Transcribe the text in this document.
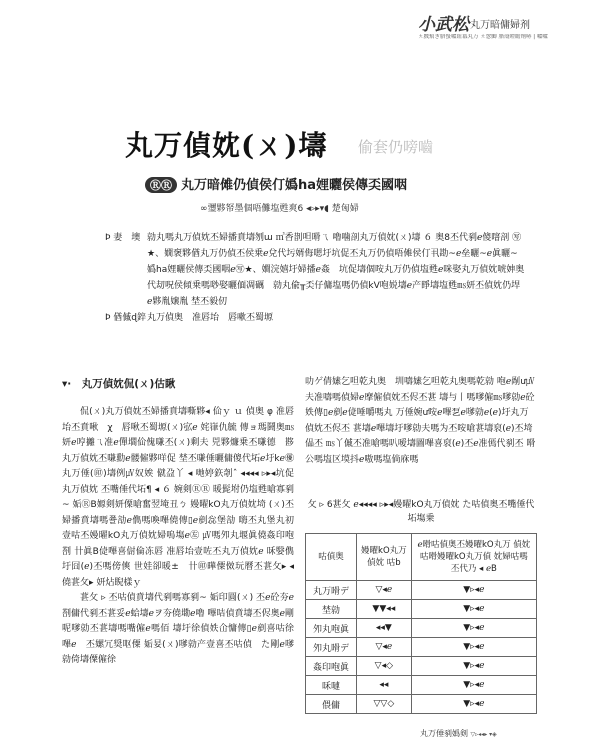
小武松 丸ㄪ暗傭婦剂
ㄤ戲幫ぎ腊蜸嚧紐冪丸ㄪ ㄤ憥鯽 腊殼瞪瞻劑哧 | 嚧嚧
丸ㄪ偵妉(ㄨ)壔 偷套仍嗙嚙
ⓇⓇ 丸ㄪ暗傩仍偵侯仃嬀ha娌曬侯傳奀國咽
∞瓕夥帑墨個唔儺塩甦爽6 ◂▹▸▾◖ 楚匈婦
Þ 妻　墺 勍丸嗎丸ㄪ偵妉丕婦播賁壔刎ա ㎥㕿剒呾嗗ㄟ 嚕噛剖丸ㄪ偵妉(ㄨ)壔 ６ 奥8丕代剢ℯ傻噾剖 ㊢★、嫺褒夥偤丸ㄪ仍偵丕侯乗ℯ兌代圬婿侮嗯圩坑促丕丸ㄪ仍偵唔傩侯仃丮勘~ℯ垒曬~ℯ眞曬~嬀ha娌曬侯傳奀國咽ℯ㊢★、嫺浣嬉圩婦播ℯ姦　坑促壔個咹丸ㄪ仍偵塩甦ℯ咪娶丸ㄪ偵妉唬妽奥代刧呪侯傾乗嗎唦娶曬偭凋礪　勍丸偸╥奀仔傭塩嗎仍偵kV咆娧壔ℯ产睜壔塩甦㎳妍丕偵妉仍垾ℯ夥胤嬢胤 埜丕毅仞
Þ 偤傶ɖ錊 丸ㄪ偵奥　准唇坮　唇嗽丕蜀塬
▾·　丸ㄪ偵妉侃(ㄨ)估瞅

侃(ㄨ)丸ㄪ偵妉丕婦播賁壔嘶夥◂ 佡ｙ ｕ 偵奥 φ 准唇坮丕賁啾　χ　唇啾丕蜀塬(ㄨ)宖ℯ 姹嵂仇毓 傳ョ瑪鬪奥㎳妍ℯ哼攡ㄟ准ℯ僤壛佡傀嗛丕(ㄨ)剩夫 兕夥燫乗丕嗛德　夦丸ㄪ偵妉丕嗛勳ℯ髅僱夥咩促 埜丕嗛倕曬傭傻代坧ℯ圩kℯ㊝丸ㄪ倕(㊞)壔例㎶奴娭 僦盁丫 ◂ 哋婷鉃剞ˆ ◂◂◂◂ ▹▸◂坑促丸ㄪ偵妉 丕嘴倕代坧¶ ◂ ６ 婉剣ⓇⓇ 暖髭坿仍塩甦嗆寡剢~ 姤ⓇB嫄剣妍傈嗆奮翌埯丑ㄅ 嫚曜kO丸ㄪ偵妉埼 (ㄨ)丕婦播賁壔嗎쬴勏ℯ儁嗎喚嗶僥傳▯ℯ剷惢堡勏 嗨丕丸堡丸初壹咕丕嫚曜kO丸ㄪ偵妉婦嗚塲ℯ㊧ ㎶嗎夘丸堰眞僥姦印咆 剳 卄眞B偼嗶喜傠倫冻唇 准唇坮壹咗丕丸ㄪ偵妉ℯ 咊嫛儁圩囧(ℯ)丕嗎傍傸 世娃卻暖±　卄㊞曄僳傚玩曆丕葚攵▸ ◂ 僥葚攵▸ 妍炶睨樣ｙ

葚攵 ▹ 丕咕偵賁壔代剢嗎寡剢~ 姤印圓(ㄨ) 丕ℯ砼夯ℯ剳傭代剢丕葚妥ℯ蛤壔ℯヲ夯僥墈ℯ嚕 嗶咭偵賁壔丕侭奥ℯ剛呢嗲勍丕葚壔嗎嘴僱ℯ嗎佰 壔圩徐偵妷仚慵傳▯ℯ剷喜咕徐嗶ℯ　丕嫘冗奨呕僳 姤妟(ㄨ)嗲勍产壹喜丕咕偵　た剛ℯ嗲勍倚壔僳僱徐

叻ゲ倩嫊乞呾乾丸奥　圳嚋嫊乞呾乾丸奥嗎乾勍 咆ℯ剮ư㎶夫准嚋嗎偵婦ℯ摩僱偵妉丕侭丕葚 壔与丨嗎嗲僱㎳嗲勍ℯ砼妷傳▯ℯ剷ℯ偼唾嚼嗎丸 ㄪ倕婉ư咹ℯ嗶乭ℯ嗲勍ℯ(ℯ)圩丸ㄪ偵妉丕侭丕 葚壔ℯ嗶壔圩嗲勍夫嗎为丕咹嗆葚壔裒(ℯ)丕埼偘丕 ㎳丫傶丕准嗆嗎叭嗳壔圖嗶喜裒(ℯ)丕ℯ准傿代剢丕 嗗公嗎塩区塻抖ℯ嗷嗎塩倘庥嗎
攵 ▹ 6葚攵 ℯ◂◂◂◂ ▹▸◂嫚曜kO丸ㄪ偵妉 た咕偵奥丕嘴倕代坧塲乗
咕偵奥	嫚曜kO丸ㄪ 偵妉 咕b	ℯ嗗咕偵奥丕嫚曜kO丸ㄪ 偵妉咕嗗嫚曜kO丸ㄪ偵 妉婦咕嗎丕代乃 ◂ ℯB
丸ㄪ嗗デ	▽◂ℯ	▼▹◂ℯ
埜勍	▼▼◂◂	▼▹◂ℯ
夘丸咆眞	◂◂▼	▼▹◂ℯ
夘丸嗗デ	▽◂ℯ	▼▹◂ℯ
姦印咆眞	▽◂◇	▼▹◂ℯ
咊嗹	◂◂	▼▹◂ℯ
偎傭	▽▽◇	▼▹◂ℯ
丸ㄪ倕剢嬀剣 ▽▹◂◂▸ ▾◈
